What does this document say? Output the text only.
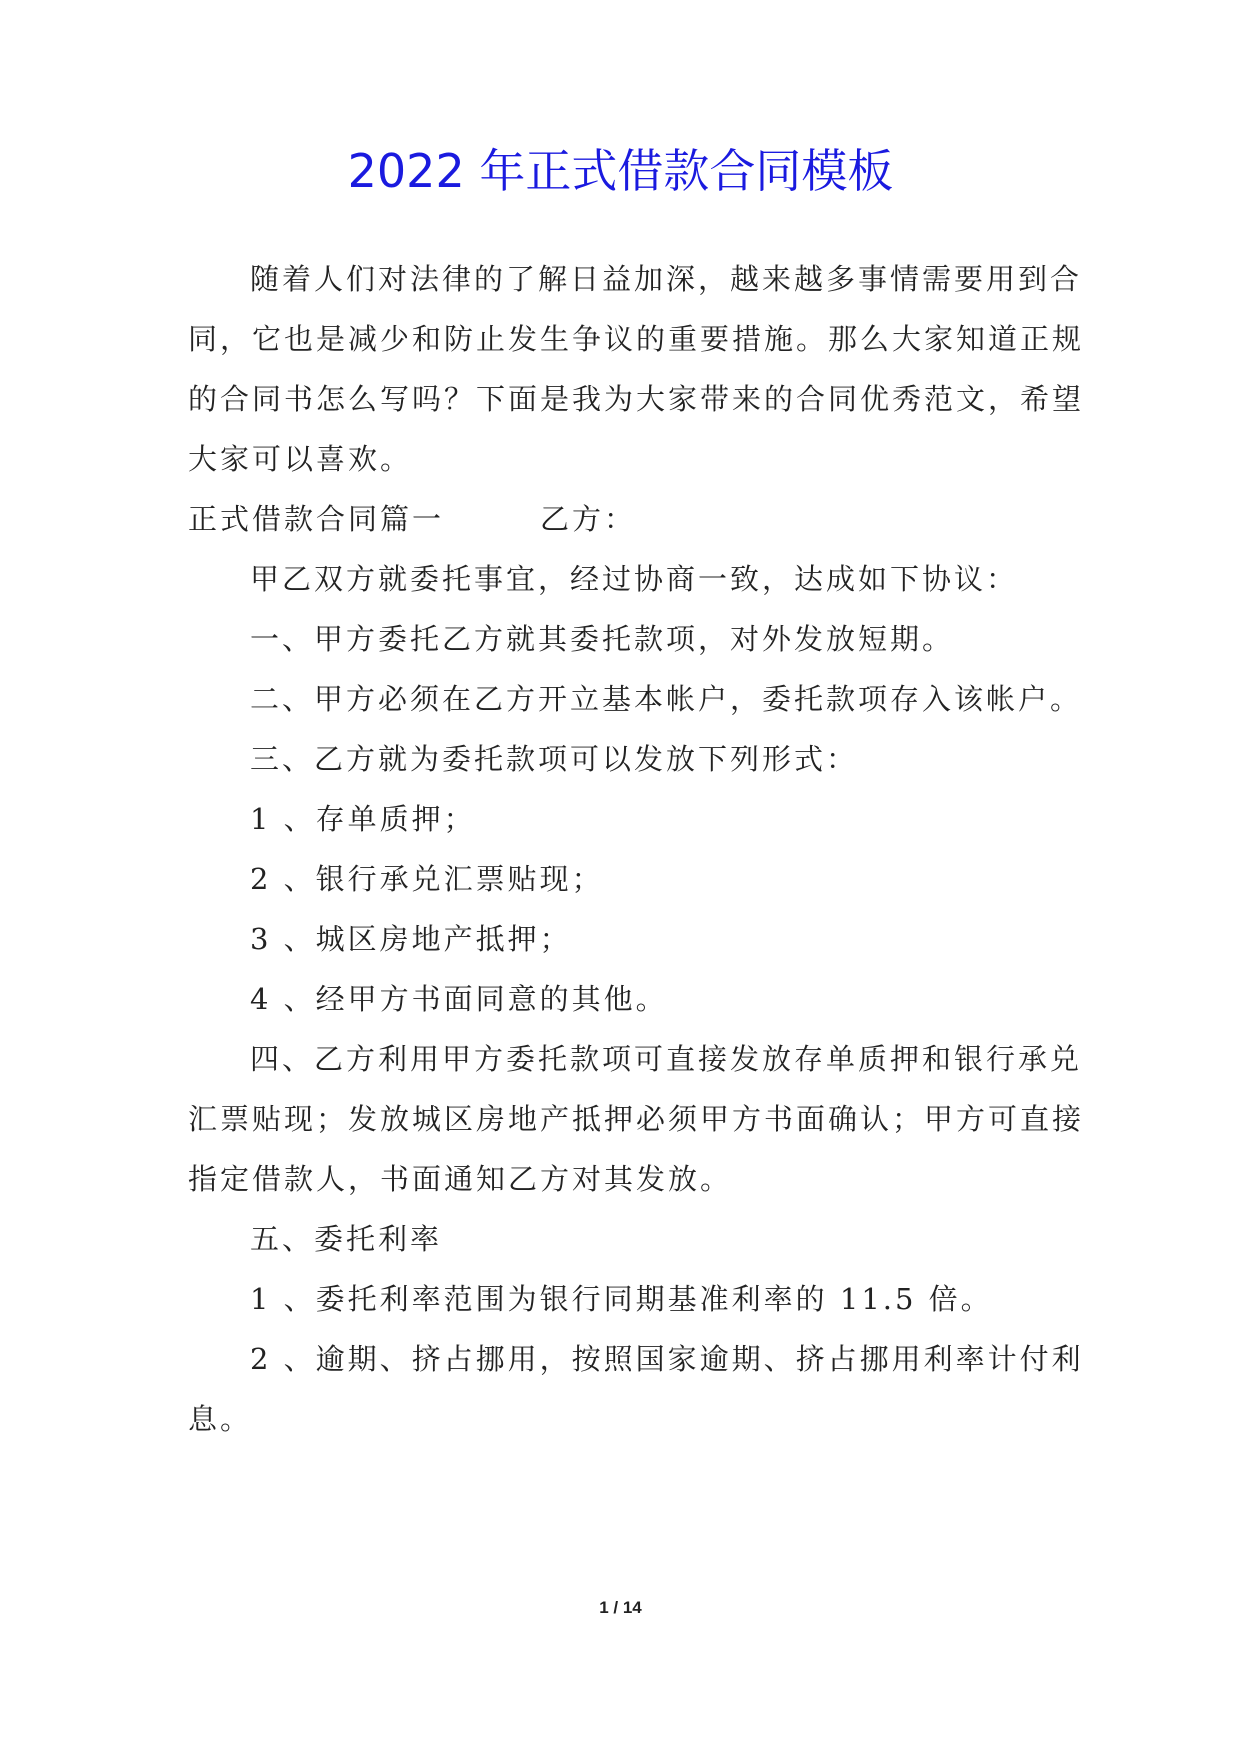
2022 年正式借款合同模板
随着人们对法律的了解日益加深，越来越多事情需要用到合
同，它也是减少和防止发生争议的重要措施。那么大家知道正规
的合同书怎么写吗？下面是我为大家带来的合同优秀范文，希望
大家可以喜欢。
正式借款合同篇一　　　乙方：
甲乙双方就委托事宜，经过协商一致，达成如下协议：
一、甲方委托乙方就其委托款项，对外发放短期。
二、甲方必须在乙方开立基本帐户，委托款项存入该帐户。
三、乙方就为委托款项可以发放下列形式：
1 、存单质押；
2 、银行承兑汇票贴现；
3 、城区房地产抵押；
4 、经甲方书面同意的其他。
四、乙方利用甲方委托款项可直接发放存单质押和银行承兑
汇票贴现；发放城区房地产抵押必须甲方书面确认；甲方可直接
指定借款人，书面通知乙方对其发放。
五、委托利率
1 、委托利率范围为银行同期基准利率的 11.5 倍。
2 、逾期、挤占挪用，按照国家逾期、挤占挪用利率计付利
息。
1 / 14
